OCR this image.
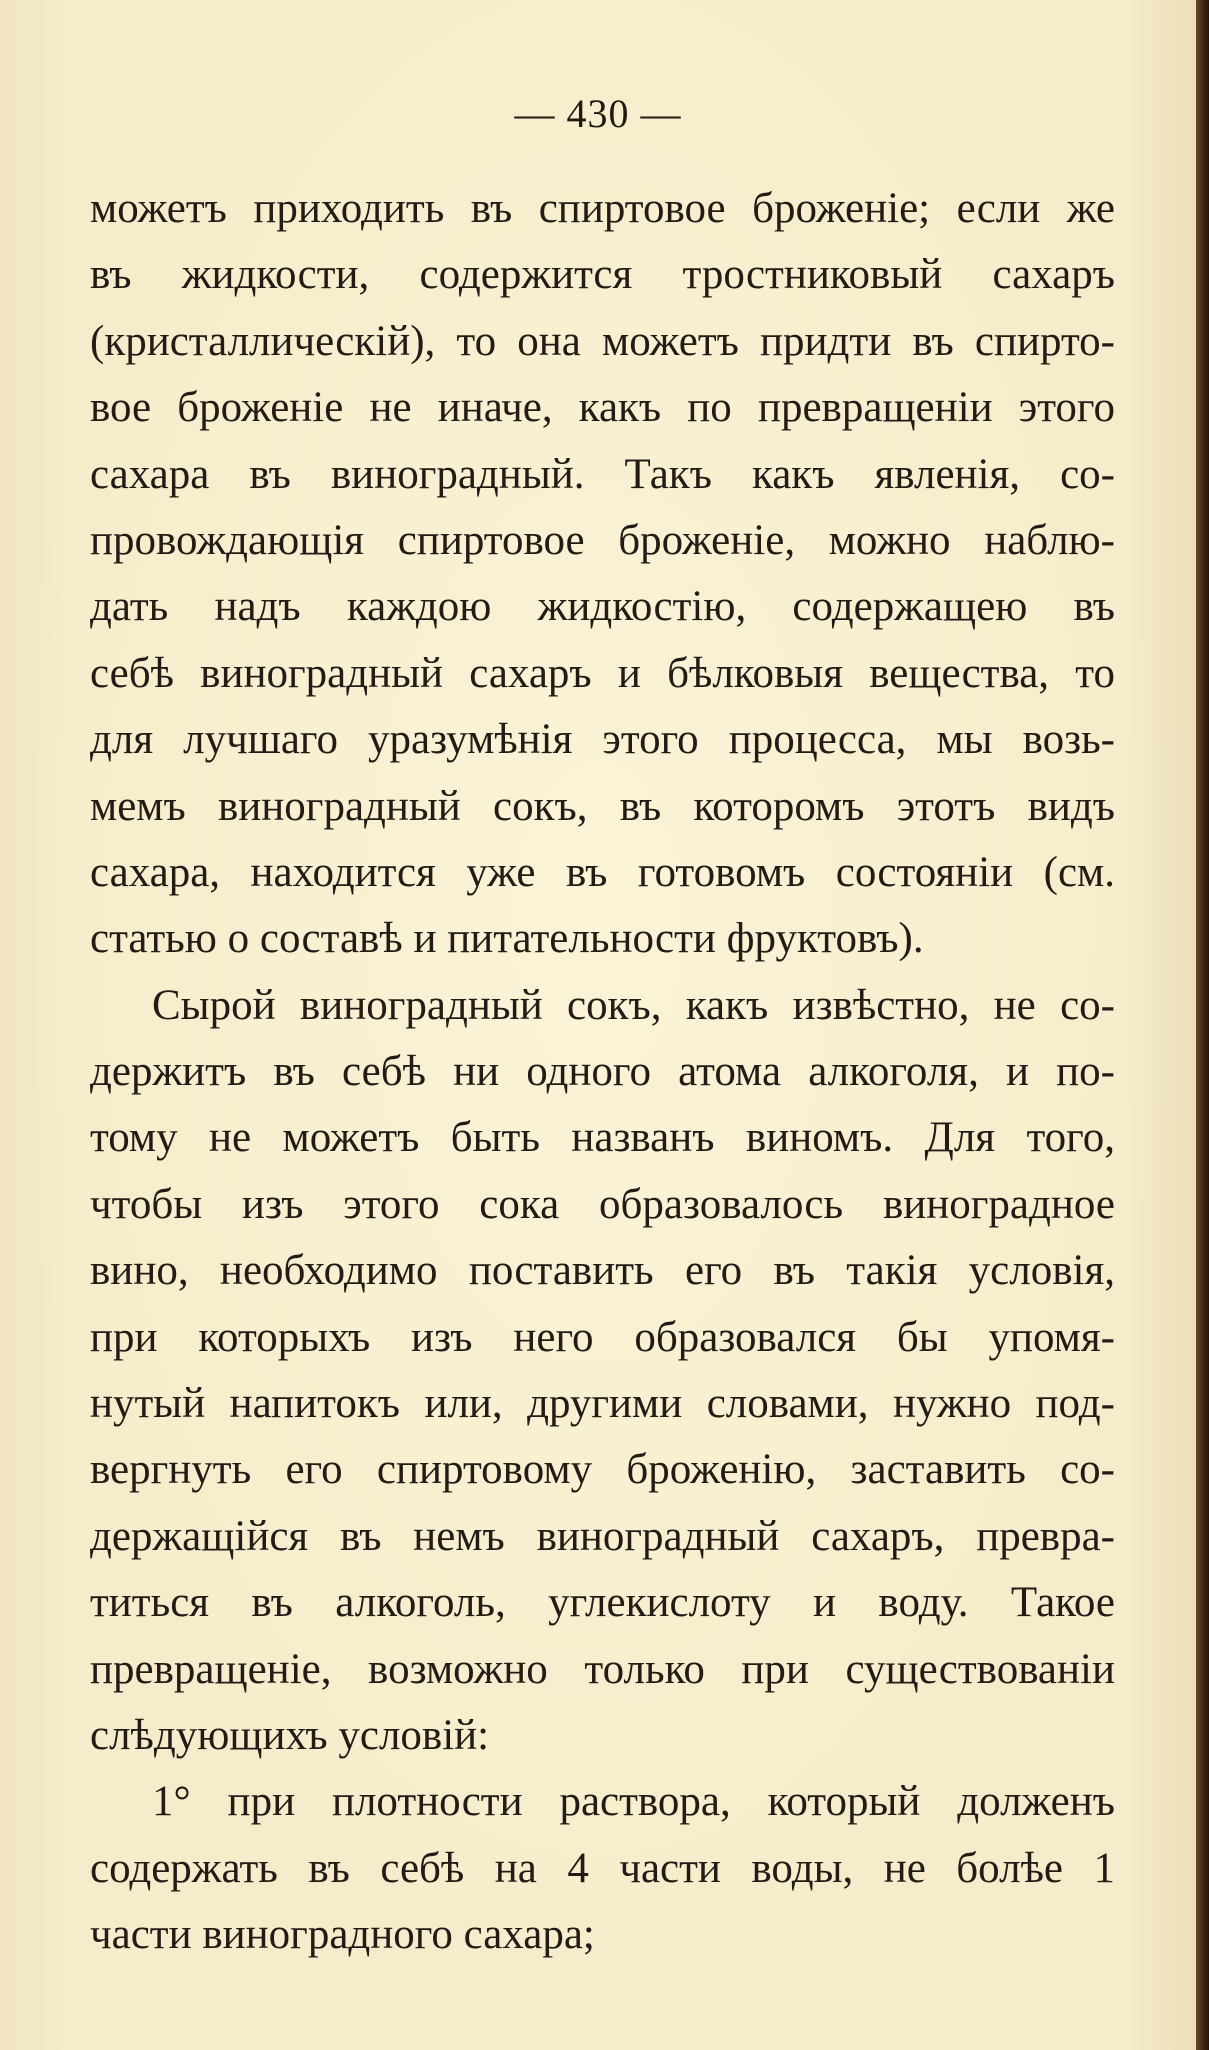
— 430 —
можетъ приходить въ спиртовое броженіе; если же
въ жидкости, содержится тростниковый сахаръ
(кристаллическій), то она можетъ придти въ спирто-
вое броженіе не иначе, какъ по превращеніи этого
сахара въ виноградный. Такъ какъ явленія, со-
провождающія спиртовое броженіе, можно наблю-
дать надъ каждою жидкостію, содержащею въ
себѣ виноградный сахаръ и бѣлковыя вещества, то
для лучшаго уразумѣнія этого процесса, мы возь-
мемъ виноградный сокъ, въ которомъ этотъ видъ
сахара, находится уже въ готовомъ состояніи (см.
статью о составѣ и питательности фруктовъ).
Сырой виноградный сокъ, какъ извѣстно, не со-
держитъ въ себѣ ни одного атома алкоголя, и по-
тому не можетъ быть названъ виномъ. Для того,
чтобы изъ этого сока образовалось виноградное
вино, необходимо поставить его въ такія условія,
при которыхъ изъ него образовался бы упомя-
нутый напитокъ или, другими словами, нужно под-
вергнуть его спиртовому броженію, заставить со-
держащійся въ немъ виноградный сахаръ, превра-
титься въ алкоголь, углекислоту и воду. Такое
превращеніе, возможно только при существованіи
слѣдующихъ условій:
1° при плотности раствора, который долженъ
содержать въ себѣ на 4 части воды, не болѣе 1
части виноградного сахара;
